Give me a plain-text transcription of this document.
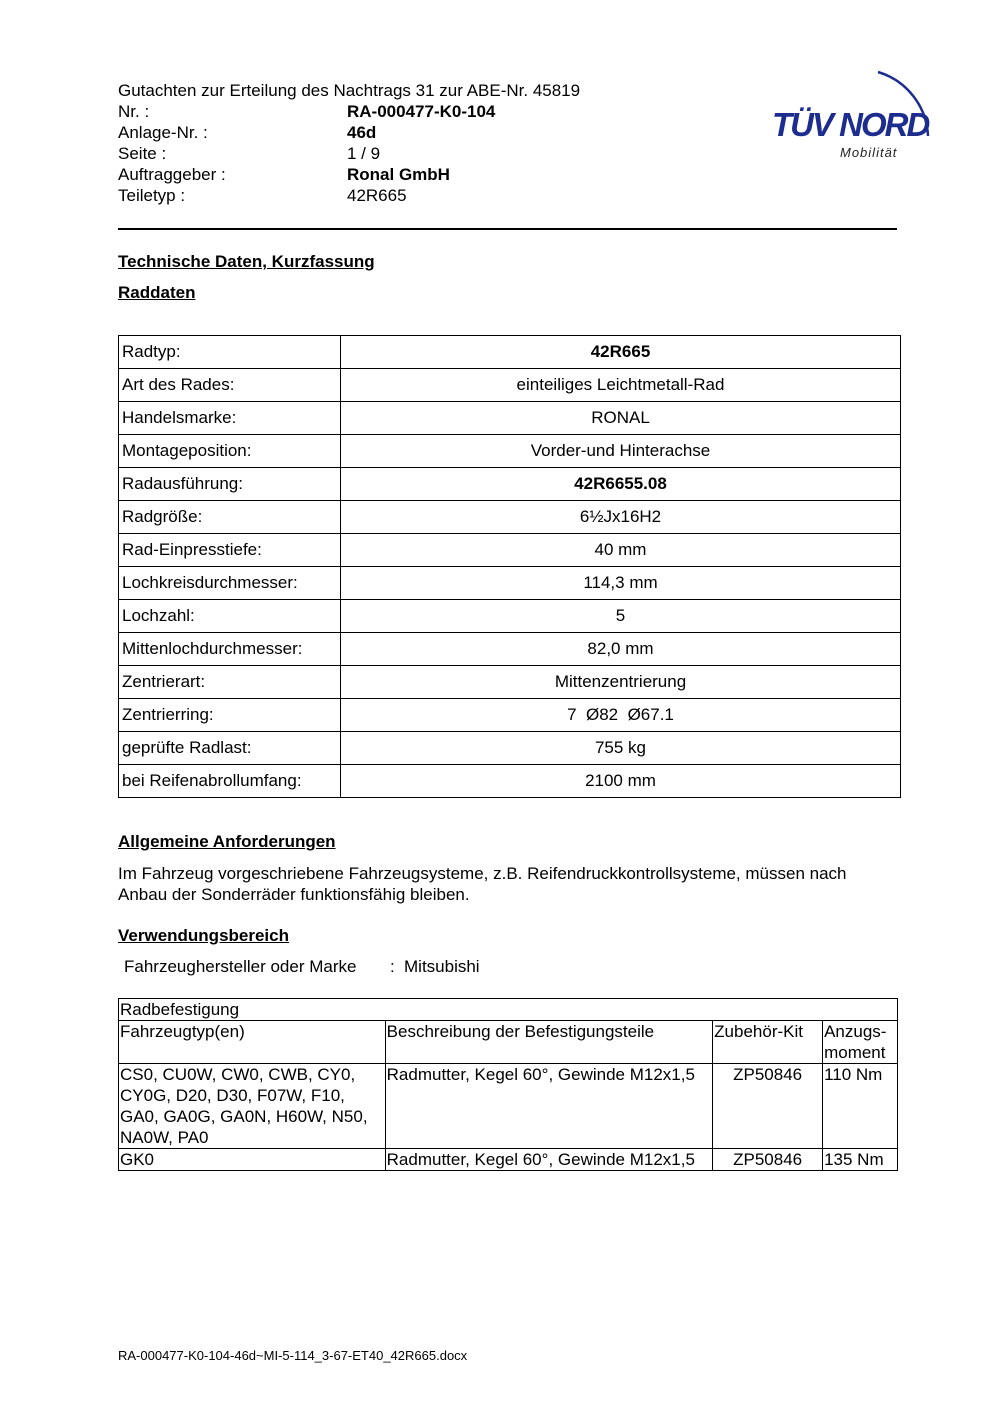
Gutachten zur Erteilung des Nachtrags 31 zur ABE-Nr. 45819
Nr. :	RA-000477-K0-104
Anlage-Nr. :	46d
Seite :	1 / 9
Auftraggeber :	Ronal GmbH
Teiletyp :	42R665
TÜV NORD
Mobilität
Technische Daten, Kurzfassung
Raddaten
Radtyp:	42R665
Art des Rades:	einteiliges Leichtmetall-Rad
Handelsmarke:	RONAL
Montageposition:	Vorder-und Hinterachse
Radausführung:	42R6655.08
Radgröße:	6½Jx16H2
Rad-Einpresstiefe:	40 mm
Lochkreisdurchmesser:	114,3 mm
Lochzahl:	5
Mittenlochdurchmesser:	82,0 mm
Zentrierart:	Mittenzentrierung
Zentrierring:	7  Ø82  Ø67.1
geprüfte Radlast:	755 kg
bei Reifenabrollumfang:	2100 mm
Allgemeine Anforderungen
Im Fahrzeug vorgeschriebene Fahrzeugsysteme, z.B. Reifendruckkontrollsysteme, müssen nach Anbau der Sonderräder funktionsfähig bleiben.
Verwendungsbereich
Fahrzeughersteller oder Marke : Mitsubishi
Radbefestigung			
Fahrzeugtyp(en)	Beschreibung der Befestigungsteile	Zubehör-Kit	Anzugs-moment
CS0, CU0W, CW0, CWB, CY0, CY0G, D20, D30, F07W, F10, GA0, GA0G, GA0N, H60W, N50, NA0W, PA0	Radmutter, Kegel 60°, Gewinde M12x1,5	ZP50846	110 Nm
GK0	Radmutter, Kegel 60°, Gewinde M12x1,5	ZP50846	135 Nm
RA-000477-K0-104-46d~MI-5-114_3-67-ET40_42R665.docx
